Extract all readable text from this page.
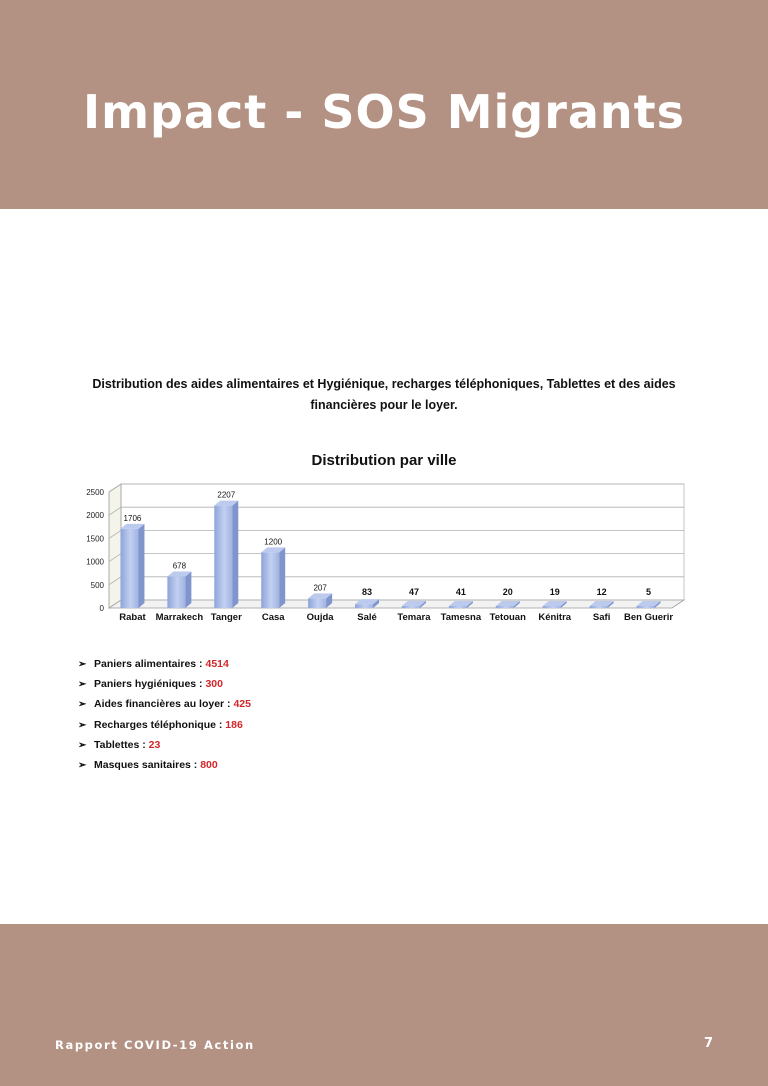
Impact - SOS Migrants
Distribution des aides alimentaires et Hygiénique, recharges téléphoniques, Tablettes et des aides financières pour le loyer.
Distribution par ville
0
500
1000
1500
2000
2500
Rabat Marrakech Tanger Casa Oujda Salé Temara Tamesna Tetouan Kénitra Safi Ben Guerir
1706
678
2207
1200
207	83	47	41	20	19	12	5
➢ Paniers alimentaires : 4514
➢ Paniers hygiéniques : 300
➢ Aides financières au loyer : 425
➢ Recharges téléphonique : 186
➢ Tablettes : 23
➢ Masques sanitaires : 800
Rapport COVID-19 Action	7
